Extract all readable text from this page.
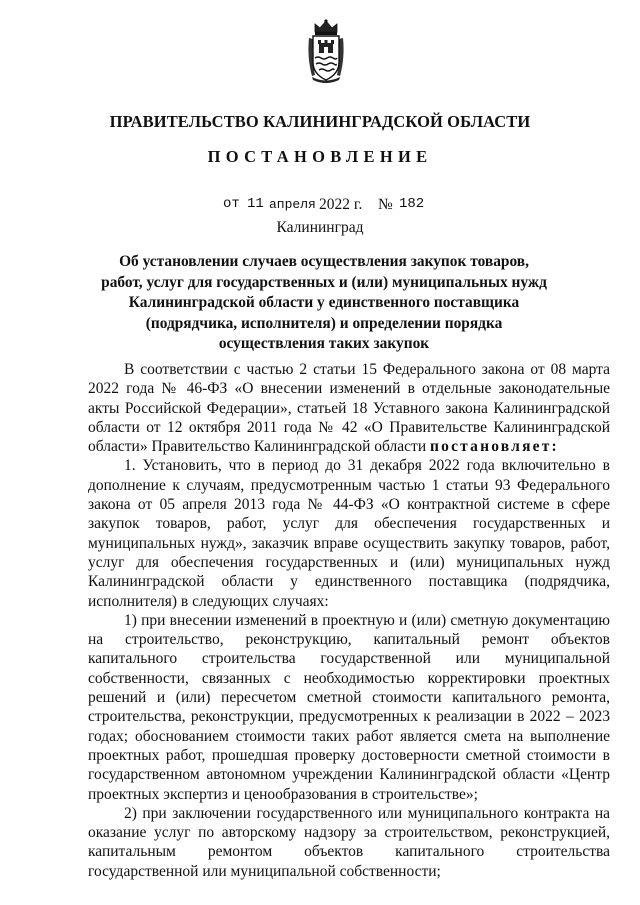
ПРАВИТЕЛЬСТВО КАЛИНИНГРАДСКОЙ ОБЛАСТИ
ПОСТАНОВЛЕНИЕ
от 11 апреля 2022 г. № 182
Калининград
Об установлении случаев осуществления закупок товаров, работ, услуг для государственных и (или) муниципальных нужд Калининградской области у единственного поставщика (подрядчика, исполнителя) и определении порядка осуществления таких закупок

В соответствии с частью 2 статьи 15 Федерального закона от 08 марта 2022 года № 46-ФЗ «О внесении изменений в отдельные законодательные акты Российской Федерации», статьей 18 Уставного закона Калининградской области от 12 октября 2011 года № 42 «О Правительстве Калининградской области» Правительство Калининградской области постановляет:

1. Установить, что в период до 31 декабря 2022 года включительно в дополнение к случаям, предусмотренным частью 1 статьи 93 Федерального закона от 05 апреля 2013 года № 44-ФЗ «О контрактной системе в сфере закупок товаров, работ, услуг для обеспечения государственных и муниципальных нужд», заказчик вправе осуществить закупку товаров, работ, услуг для обеспечения государственных и (или) муниципальных нужд Калининградской области у единственного поставщика (подрядчика, исполнителя) в следующих случаях:

1) при внесении изменений в проектную и (или) сметную документацию на строительство, реконструкцию, капитальный ремонт объектов капитального строительства государственной или муниципальной собственности, связанных с необходимостью корректировки проектных решений и (или) пересчетом сметной стоимости капитального ремонта, строительства, реконструкции, предусмотренных к реализации в 2022 – 2023 годах; обоснованием стоимости таких работ является смета на выполнение проектных работ, прошедшая проверку достоверности сметной стоимости в государственном автономном учреждении Калининградской области «Центр проектных экспертиз и ценообразования в строительстве»;

2) при заключении государственного или муниципального контракта на оказание услуг по авторскому надзору за строительством, реконструкцией, капитальным ремонтом объектов капитального строительства государственной или муниципальной собственности;
